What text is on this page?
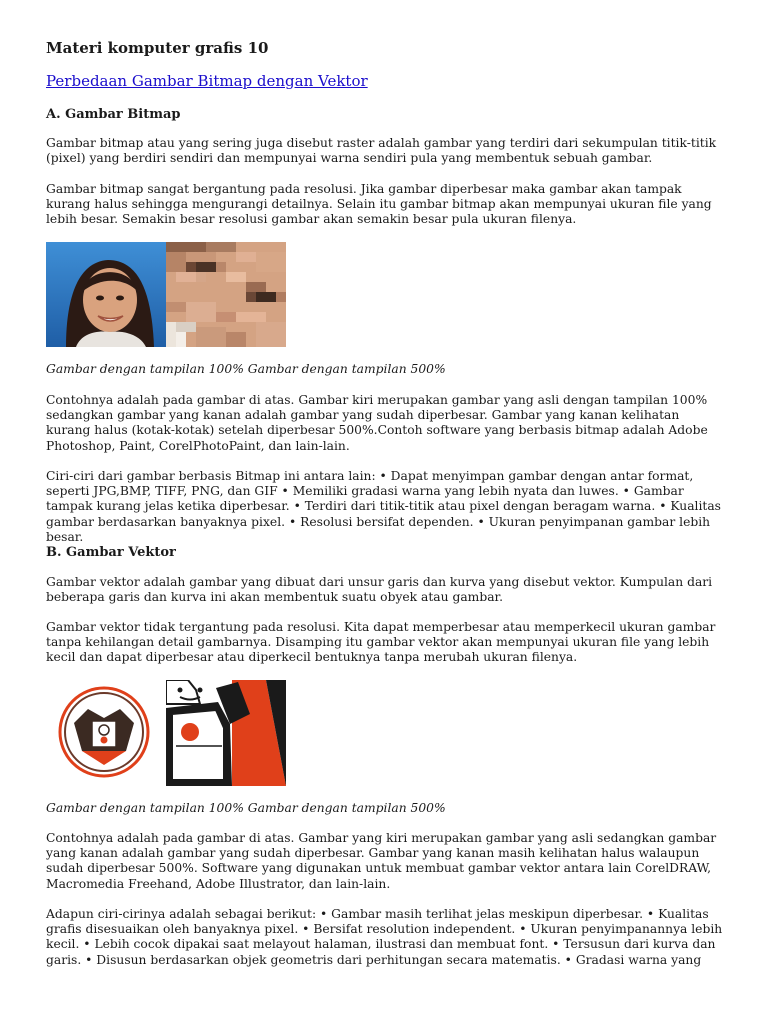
Materi komputer grafis 10
Perbedaan Gambar Bitmap dengan Vektor
A. Gambar Bitmap
Gambar bitmap atau yang sering juga disebut raster adalah gambar yang terdiri dari sekumpulan titik-titik (pixel) yang berdiri sendiri dan mempunyai warna sendiri pula yang membentuk sebuah gambar.
Gambar bitmap sangat bergantung pada resolusi. Jika gambar diperbesar maka gambar akan tampak kurang halus sehingga mengurangi detailnya. Selain itu gambar bitmap akan mempunyai ukuran file yang lebih besar. Semakin besar resolusi gambar akan semakin besar pula ukuran filenya.
Gambar dengan tampilan 100% Gambar dengan tampilan 500%
Contohnya adalah pada gambar di atas. Gambar kiri merupakan gambar yang asli dengan tampilan 100% sedangkan gambar yang kanan adalah gambar yang sudah diperbesar. Gambar yang kanan kelihatan kurang halus (kotak-kotak) setelah diperbesar 500%.Contoh software yang berbasis bitmap adalah Adobe Photoshop, Paint, CorelPhotoPaint, dan lain-lain.
Ciri-ciri dari gambar berbasis Bitmap ini antara lain: • Dapat menyimpan gambar dengan antar format, seperti JPG,BMP, TIFF, PNG, dan GIF • Memiliki gradasi warna yang lebih nyata dan luwes. • Gambar tampak kurang jelas ketika diperbesar. • Terdiri dari titik-titik atau pixel dengan beragam warna. • Kualitas gambar berdasarkan banyaknya pixel. • Resolusi bersifat dependen. • Ukuran penyimpanan gambar lebih besar.
B. Gambar Vektor
Gambar vektor adalah gambar yang dibuat dari unsur garis dan kurva yang disebut vektor. Kumpulan dari beberapa garis dan kurva ini akan membentuk suatu obyek atau gambar.
Gambar vektor tidak tergantung pada resolusi. Kita dapat memperbesar atau memperkecil ukuran gambar tanpa kehilangan detail gambarnya. Disamping itu gambar vektor akan mempunyai ukuran file yang lebih kecil dan dapat diperbesar atau diperkecil bentuknya tanpa merubah ukuran filenya.
Gambar dengan tampilan 100% Gambar dengan tampilan 500%
Contohnya adalah pada gambar di atas. Gambar yang kiri merupakan gambar yang asli sedangkan gambar yang kanan adalah gambar yang sudah diperbesar. Gambar yang kanan masih kelihatan halus walaupun sudah diperbesar 500%. Software yang digunakan untuk membuat gambar vektor antara lain CorelDRAW, Macromedia Freehand, Adobe Illustrator, dan lain-lain.
Adapun ciri-cirinya adalah sebagai berikut: • Gambar masih terlihat jelas meskipun diperbesar. • Kualitas grafis disesuaikan oleh banyaknya pixel. • Bersifat resolution independent. • Ukuran penyimpanannya lebih kecil. • Lebih cocok dipakai saat melayout halaman, ilustrasi dan membuat font. • Tersusun dari kurva dan garis. • Disusun berdasarkan objek geometris dari perhitungan secara matematis. • Gradasi warna yang
